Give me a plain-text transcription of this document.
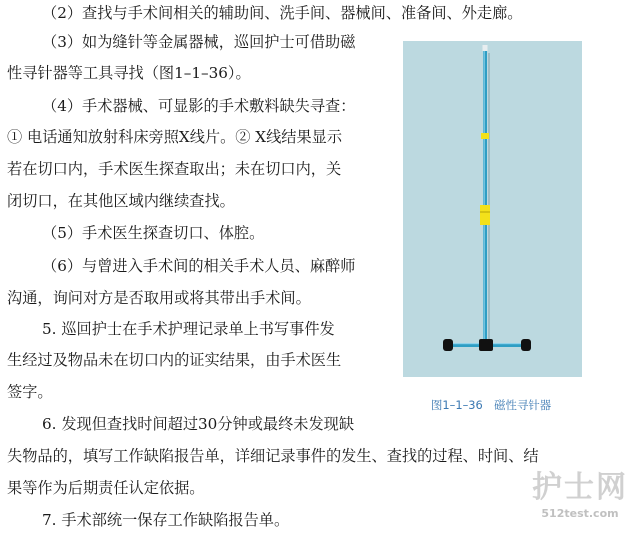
（2）查找与手术间相关的辅助间、洗手间、器械间、准备间、外走廊。
（3）如为缝针等金属器械，巡回护士可借助磁
性寻针器等工具寻找（图1–1–36）。
（4）手术器械、可显影的手术敷料缺失寻查：
① 电话通知放射科床旁照X线片。② X线结果显示
若在切口内，手术医生探查取出；未在切口内，关
闭切口，在其他区域内继续查找。
（5）手术医生探查切口、体腔。
（6）与曾进入手术间的相关手术人员、麻醉师
沟通，询问对方是否取用或将其带出手术间。
5. 巡回护士在手术护理记录单上书写事件发
生经过及物品未在切口内的证实结果，由手术医生
签字。
6. 发现但查找时间超过30分钟或最终未发现缺
失物品的，填写工作缺陷报告单，详细记录事件的发生、查找的过程、时间、结
果等作为后期责任认定依据。
7. 手术部统一保存工作缺陷报告单。
图1–1–36　磁性寻针器
护士网
512test.com
